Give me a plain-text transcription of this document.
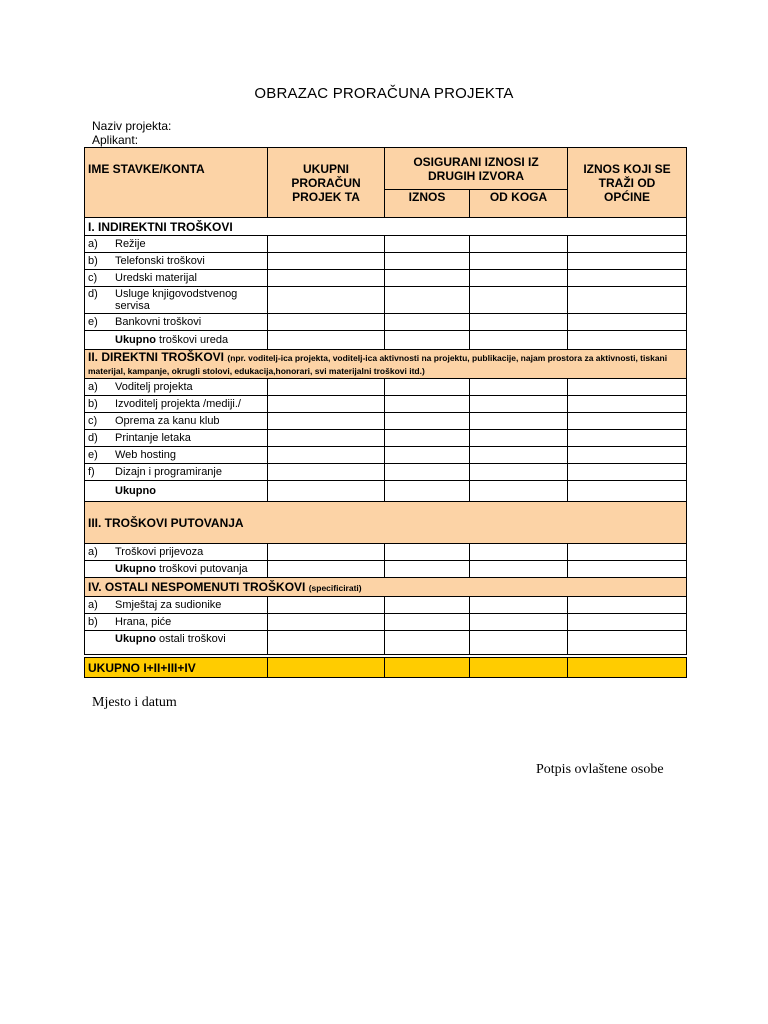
OBRAZAC PRORAČUNA PROJEKTA
Naziv projekta:
Aplikant:
IME STAVKE/KONTA	UKUPNI PRORAČUN PROJEK TA	OSIGURANI IZNOSI IZ DRUGIH IZVORA		IZNOS KOJI SE TRAŽI OD OPĆINE

		IZNOS	OD KOGA	
I. INDIREKTNI TROŠKOVI				

a) Režije				

b) Telefonski troškovi				

c) Uredski materijal				

d) Usluge knjigovodstvenog servisa				

e) Bankovni troškovi				

Ukupno troškovi ureda				
II. DIREKTNI TROŠKOVI (npr. voditelj-ica projekta, voditelj-ica aktivnosti na projektu, publikacije, najam prostora za aktivnosti, tiskani materijal, kampanje, okrugli stolovi, edukacija,honorari, svi materijalni troškovi itd.)				

a) Voditelj projekta				

b) Izvoditelj projekta /mediji./				

c) Oprema za kanu klub				

d) Printanje letaka				

e) Web hosting				

f) Dizajn i programiranje				

Ukupno				
III. TROŠKOVI PUTOVANJA				

a) Troškovi prijevoza				

Ukupno troškovi putovanja				
IV. OSTALI NESPOMENUTI TROŠKOVI (specificirati)				

a) Smještaj za sudionike				

b) Hrana, piće				

Ukupno ostali troškovi				

UKUPNO I+II+III+IV				
Mjesto i datum
Potpis ovlaštene osobe
